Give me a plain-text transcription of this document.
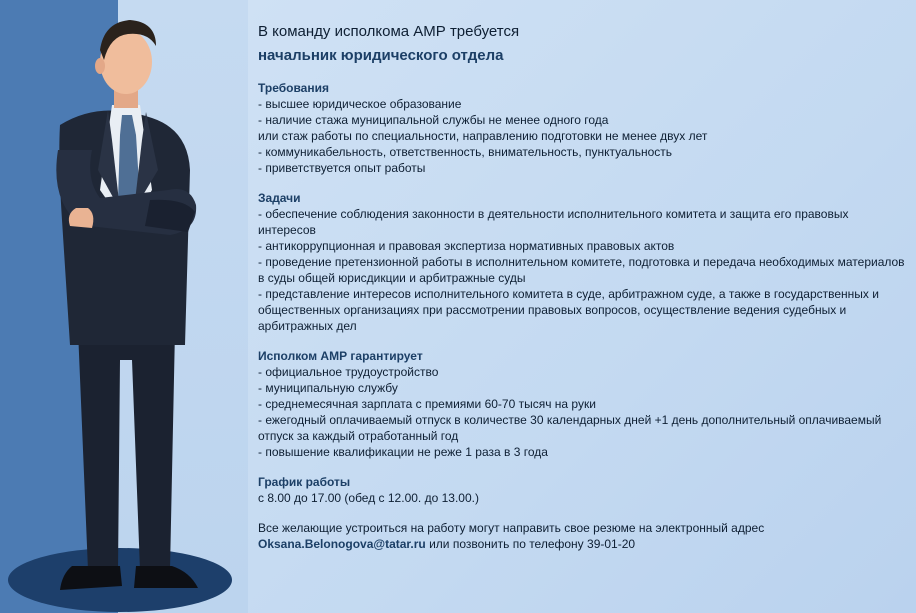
В команду исполкома АМР требуется

начальник юридического отдела

Требования
- высшее юридическое образование
- наличие стажа муниципальной службы не менее одного года
или стаж работы по специальности, направлению подготовки не менее двух лет
- коммуникабельность, ответственность, внимательность, пунктуальность
- приветствуется опыт работы
Задачи
- обеспечение соблюдения законности в деятельности исполнительного комитета и защита его правовых интересов
- антикоррупционная и правовая экспертиза нормативных правовых актов
- проведение претензионной работы в исполнительном комитете, подготовка и передача необходимых материалов в суды общей юрисдикции и арбитражные суды
- представление интересов исполнительного комитета в суде, арбитражном суде, а также в государственных и общественных организациях при рассмотрении правовых вопросов, осуществление ведения судебных и арбитражных дел
Исполком АМР гарантирует
- официальное трудоустройство
- муниципальную службу
- среднемесячная зарплата с премиями 60-70 тысяч на руки
- ежегодный оплачиваемый отпуск в количестве 30 календарных дней +1 день дополнительный оплачиваемый отпуск за каждый отработанный год
- повышение квалификации не реже 1 раза в 3 года
График работы
с 8.00 до 17.00 (обед с 12.00. до 13.00.)
Все желающие устроиться на работу могут направить свое резюме на электронный адрес
Oksana.Belonogova@tatar.ru или позвонить по телефону 39-01-20
